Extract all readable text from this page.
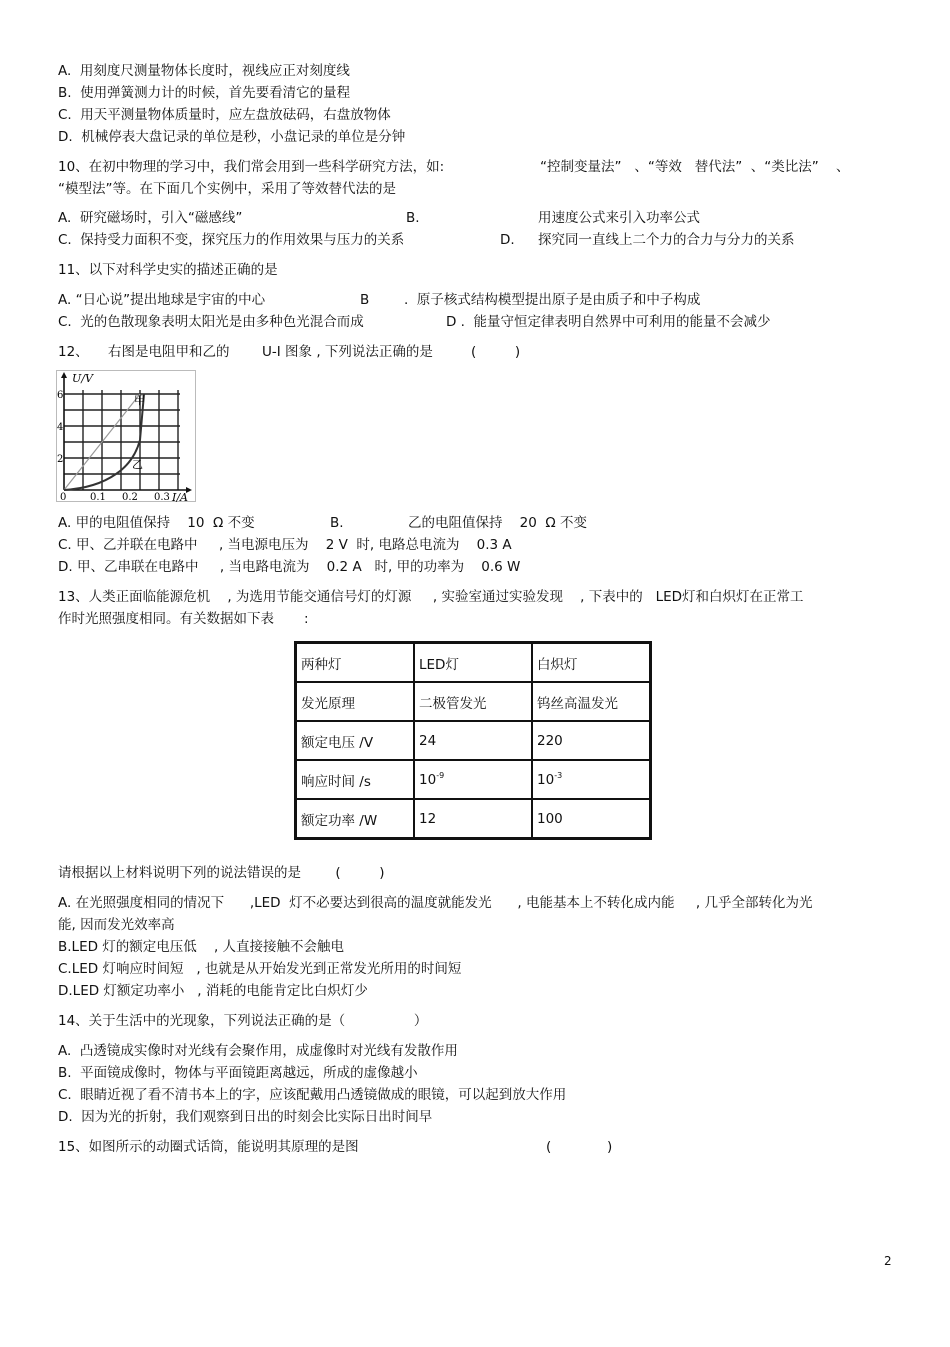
A.  用刻度尺测量物体长度时，视线应正对刻度线
B.  使用弹簧测力计的时候，首先要看清它的量程
C.  用天平测量物体质量时，应左盘放砝码，右盘放物体
D.  机械停表大盘记录的单位是秒，小盘记录的单位是分钟
10、在初中物理的学习中，我们常会用到一些科学研究方法，如:	“控制变量法”   、“等效   替代法”  、“类比法”    、
“模型法”等。在下面几个实例中，采用了等效替代法的是
A.  研究磁场时，引入“磁感线”	B.	用速度公式来引入功率公式
C.  保持受力面积不变，探究压力的作用效果与压力的关系	D. 探究同一直线上二个力的合力与分力的关系
11、以下对科学史实的描述正确的是
A. “日心说”提出地球是宇宙的中心	B	.  原子核式结构模型提出原子是由质子和中子构成
C.  光的色散现象表明太阳光是由多种色光混合而成	D .  能量守恒定律表明自然界中可利用的能量不会减少
12、 右图是电阻甲和乙的 U-I 图象 , 下列说法正确的是	(         )
U/V
I/A
6
4
2
0 0.1 0.2 0.3
甲
乙
A. 甲的电阻值保持    10  Ω 不变	B.	乙的电阻值保持    20  Ω 不变
C. 甲、乙并联在电路中     , 当电源电压为    2 V  时, 电路总电流为    0.3 A
D. 甲、乙串联在电路中     , 当电路电流为    0.2 A   时, 甲的功率为    0.6 W
13、人类正面临能源危机    , 为选用节能交通信号灯的灯源     , 实验室通过实验发现    , 下表中的   LED灯和白炽灯在正常工
作时光照强度相同。有关数据如下表       :
两种灯	LED灯	白炽灯
发光原理	二极管发光	钨丝高温发光
额定电压 /V	24	220
响应时间 /s	$10^{-9}$	$10^{-3}$
额定功率 /W	12	100
请根据以上材料说明下列的说法错误的是        (         )
A. 在光照强度相同的情况下      ,LED  灯不必要达到很高的温度就能发光      , 电能基本上不转化成内能     , 几乎全部转化为光
能, 因而发光效率高
B.LED 灯的额定电压低    , 人直接接触不会触电
C.LED 灯响应时间短   , 也就是从开始发光到正常发光所用的时间短
D.LED 灯额定功率小   , 消耗的电能肯定比白炽灯少
14、关于生活中的光现象，下列说法正确的是（                ）
A.  凸透镜成实像时对光线有会聚作用，成虚像时对光线有发散作用
B.  平面镜成像时，物体与平面镜距离越远，所成的虚像越小
C.  眼睛近视了看不清书本上的字，应该配戴用凸透镜做成的眼镜，可以起到放大作用
D.  因为光的折射，我们观察到日出的时刻会比实际日出时间早
15、如图所示的动圈式话筒，能说明其原理的是图	(             )
2
